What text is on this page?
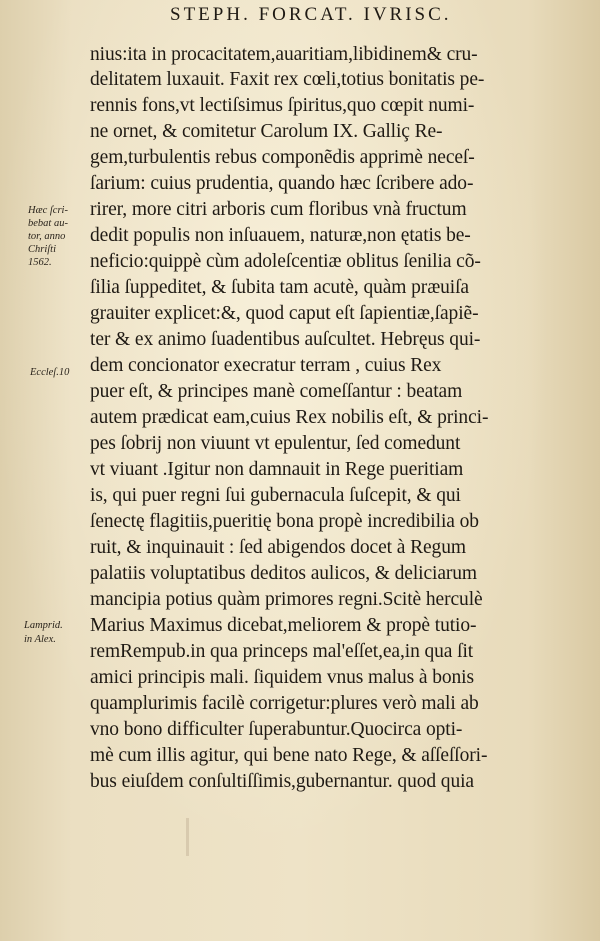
STEPH. FORCAT. IVRISC.
nius:ita in procacitatem,auaritiam,libidinem& cru-
delitatem luxauit. Faxit rex cœli,totius bonitatis pe-
rennis fons,vt lectiſsimus ſpiritus,quo cœpit numi-
ne ornet, & comitetur Carolum IX. Galliç Re-
gem,turbulentis rebus componẽdis apprimè neceſ-
ſarium: cuius prudentia, quando hæc ſcribere ado-
rirer, more citri arboris cum floribus vnà fructum
dedit populis non inſuauem, naturæ,non ętatis be-
neficio:quippè cùm adoleſcentiæ oblitus ſenilia cõ-
ſilia ſuppeditet, & ſubita tam acutè, quàm præuiſa
grauiter explicet:&, quod caput eſt ſapientiæ,ſapiẽ-
ter & ex animo ſuadentibus auſcultet. Hebręus qui-
dem concionator execratur terram , cuius Rex
puer eſt, & principes manè comeſſantur : beatam
autem prædicat eam,cuius Rex nobilis eſt, & princi-
pes ſobrij non viuunt vt epulentur, ſed comedunt
vt viuant .Igitur non damnauit in Rege pueritiam
is, qui puer regni ſui gubernacula ſuſcepit, & qui
ſenectę flagitiis,pueritię bona propè incredibilia ob
ruit, & inquinauit : ſed abigendos docet à Regum
palatiis voluptatibus deditos aulicos, & deliciarum
mancipia potius quàm primores regni.Scitè herculè
Marius Maximus dicebat,meliorem & propè tutio-
remRempub.in qua princeps mal'eſſet,ea,in qua ſit
amici principis mali. ſiquidem vnus malus à bonis
quamplurimis facilè corrigetur:plures verò mali ab
vno bono difficulter ſuperabuntur.Quocirca opti-
mè cum illis agitur, qui bene nato Rege, & aſſeſſori-
bus eiuſdem conſultiſſimis,gubernantur. quod quia
Hæc ſcri-
bebat au-
tor, anno
Chriſti
1562.
Eccleſ.10
Lamprid.
in Alex.
